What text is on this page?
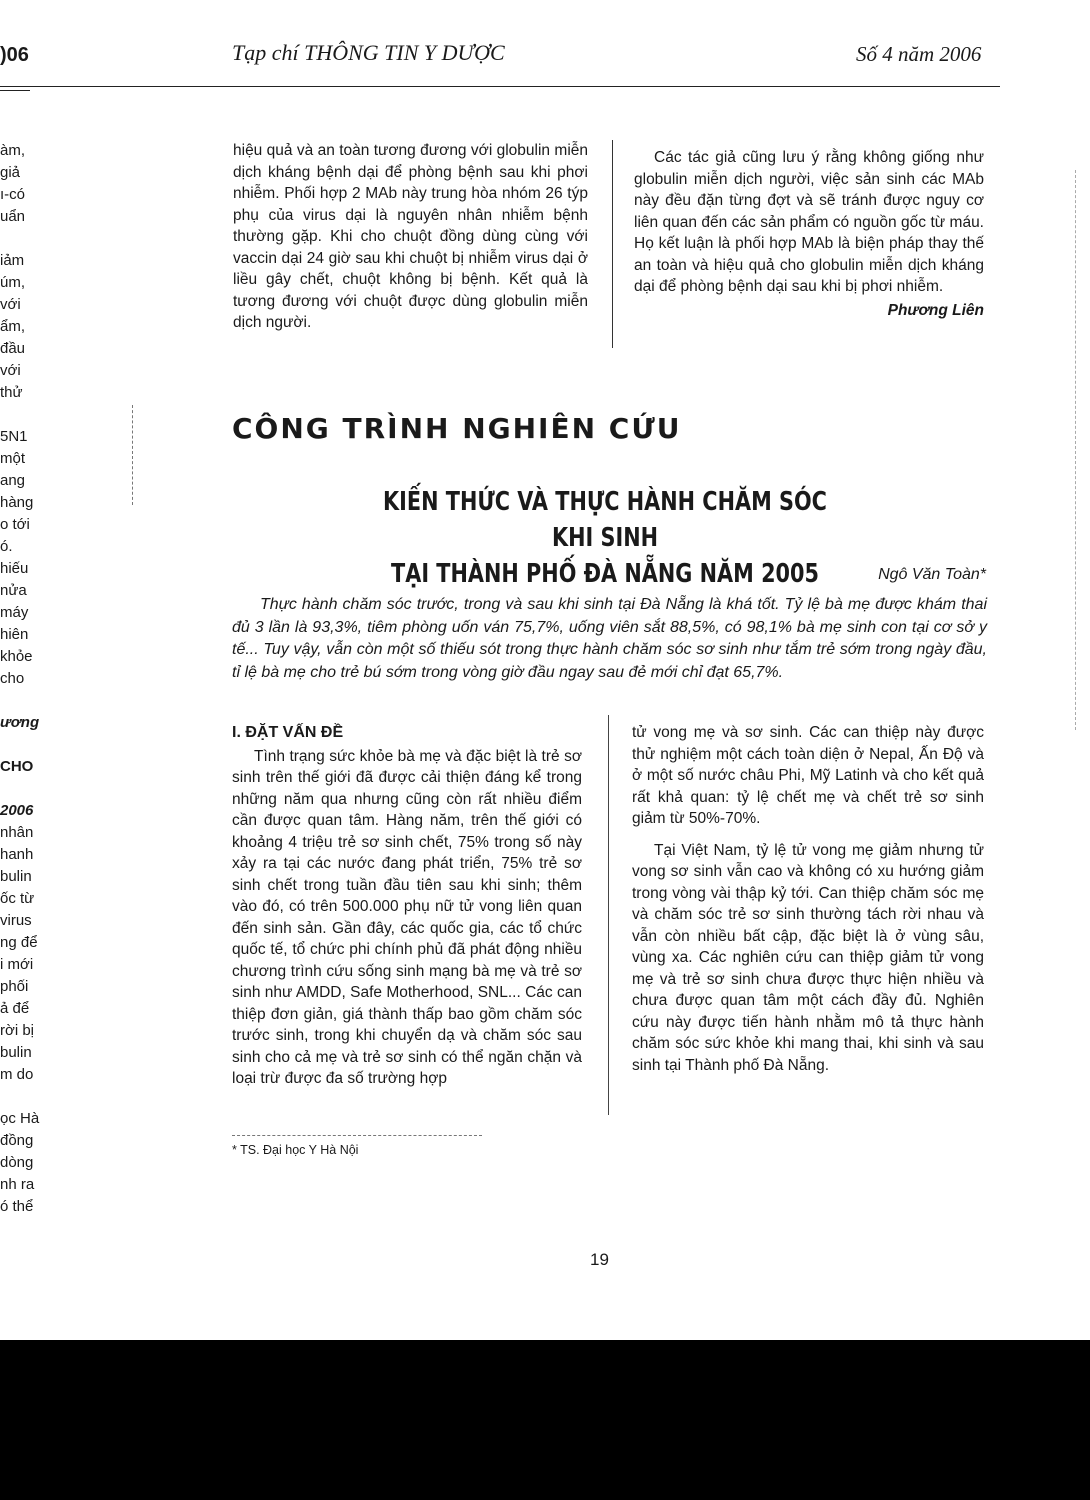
)06	Tạp chí THÔNG TIN Y DƯỢC	Số 4 năm 2006
àm,
giả
ı-có
uẩn
iảm
úm,
với
ẩm,
đầu
với
thử
5N1
một
ang
hàng
o tới
ó.
hiếu
nửa
máy
hiên
khỏe
cho
ương
CHO
2006
nhân
hanh
bulin
ốc từ
virus
ng để
i mới
phối
ả để
rời bị
bulin
m do
ọc Hà
đồng
dòng
nh ra
ó thể

hiệu quả và an toàn tương đương với globulin miễn dịch kháng bệnh dại để phòng bệnh sau khi phơi nhiễm. Phối hợp 2 MAb này trung hòa nhóm 26 týp phụ của virus dại là nguyên nhân nhiễm bệnh thường gặp. Khi cho chuột đồng dùng cùng với vaccin dại 24 giờ sau khi chuột bị nhiễm virus dại ở liều gây chết, chuột không bị bệnh. Kết quả là tương đương với chuột được dùng globulin miễn dịch người.

Các tác giả cũng lưu ý rằng không giống như globulin miễn dịch người, việc sản sinh các MAb này đều đặn từng đợt và sẽ tránh được nguy cơ liên quan đến các sản phẩm có nguồn gốc từ máu. Họ kết luận là phối hợp MAb là biện pháp thay thế an toàn và hiệu quả cho globulin miễn dịch kháng dại để phòng bệnh dại sau khi bị phơi nhiễm.

Phương Liên

CÔNG TRÌNH NGHIÊN CỨU
KIẾN THỨC VÀ THỰC HÀNH CHĂM SÓC KHI SINH
TẠI THÀNH PHỐ ĐÀ NẴNG NĂM 2005	Ngô Văn Toàn*
Thực hành chăm sóc trước, trong và sau khi sinh tại Đà Nẵng là khá tốt. Tỷ lệ bà mẹ được khám thai đủ 3 lần là 93,3%, tiêm phòng uốn ván 75,7%, uống viên sắt 88,5%, có 98,1% bà mẹ sinh con tại cơ sở y tế... Tuy vậy, vẫn còn một số thiếu sót trong thực hành chăm sóc sơ sinh như tắm trẻ sớm trong ngày đầu, tỉ lệ bà mẹ cho trẻ bú sớm trong vòng giờ đầu ngay sau đẻ mới chỉ đạt 65,7%.
I. ĐẶT VẤN ĐỀ

Tình trạng sức khỏe bà mẹ và đặc biệt là trẻ sơ sinh trên thế giới đã được cải thiện đáng kể trong những năm qua nhưng cũng còn rất nhiều điểm cần được quan tâm. Hàng năm, trên thế giới có khoảng 4 triệu trẻ sơ sinh chết, 75% trong số này xảy ra tại các nước đang phát triển, 75% trẻ sơ sinh chết trong tuần đầu tiên sau khi sinh; thêm vào đó, có trên 500.000 phụ nữ tử vong liên quan đến sinh sản. Gần đây, các quốc gia, các tổ chức quốc tế, tổ chức phi chính phủ đã phát động nhiều chương trình cứu sống sinh mạng bà mẹ và trẻ sơ sinh như AMDD, Safe Motherhood, SNL... Các can thiệp đơn giản, giá thành thấp bao gồm chăm sóc trước sinh, trong khi chuyển dạ và chăm sóc sau sinh cho cả mẹ và trẻ sơ sinh có thể ngăn chặn và loại trừ được đa số trường hợp

tử vong mẹ và sơ sinh. Các can thiệp này được thử nghiệm một cách toàn diện ở Nepal, Ấn Độ và ở một số nước châu Phi, Mỹ Latinh và cho kết quả rất khả quan: tỷ lệ chết mẹ và chết trẻ sơ sinh giảm từ 50%-70%.

Tại Việt Nam, tỷ lệ tử vong mẹ giảm nhưng tử vong sơ sinh vẫn cao và không có xu hướng giảm trong vòng vài thập kỷ tới. Can thiệp chăm sóc mẹ và chăm sóc trẻ sơ sinh thường tách rời nhau và vẫn còn nhiều bất cập, đặc biệt là ở vùng sâu, vùng xa. Các nghiên cứu can thiệp giảm tử vong mẹ và trẻ sơ sinh chưa được thực hiện nhiều và chưa được quan tâm một cách đầy đủ. Nghiên cứu này được tiến hành nhằm mô tả thực hành chăm sóc sức khỏe khi mang thai, khi sinh và sau sinh tại Thành phố Đà Nẵng.

* TS. Đại học Y Hà Nội
19
